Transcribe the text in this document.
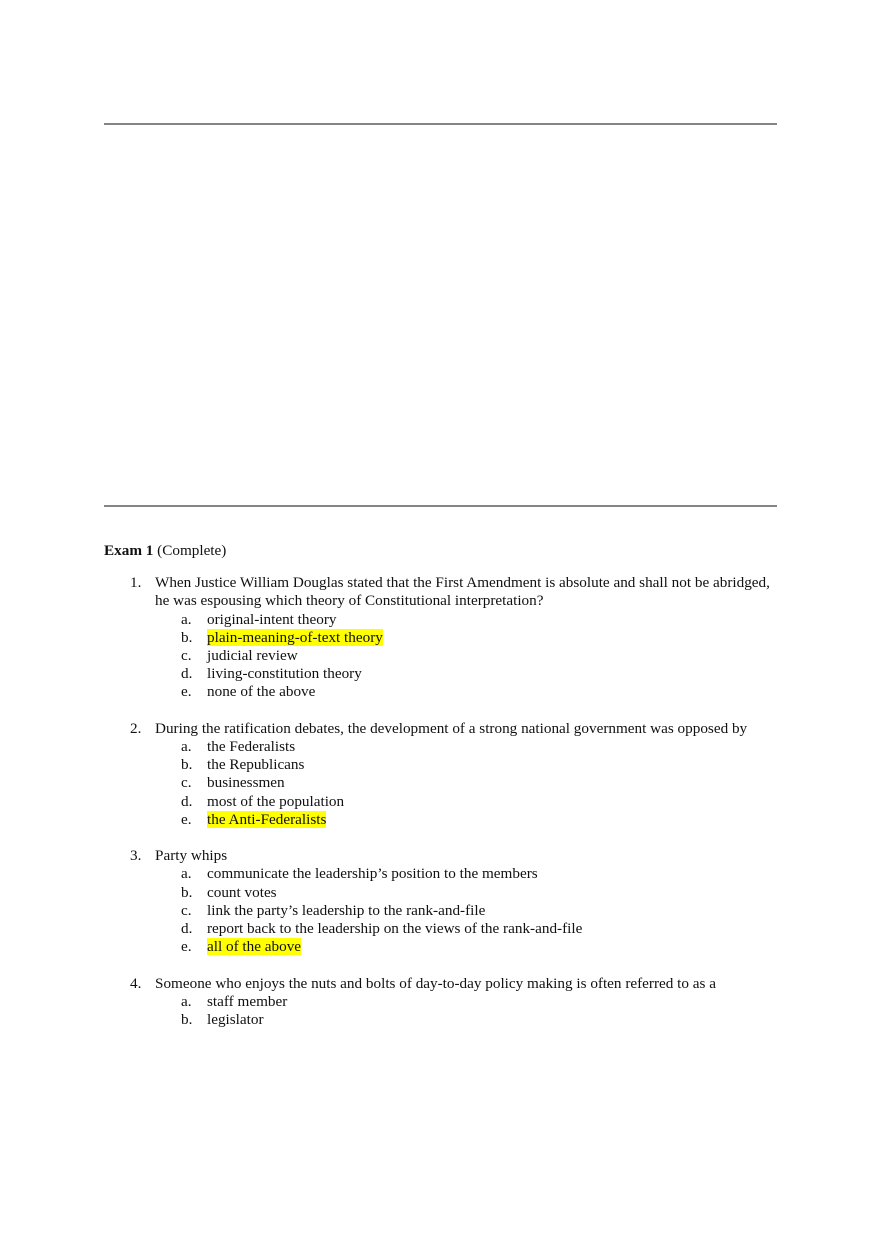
Exam 1 (Complete)
1. When Justice William Douglas stated that the First Amendment is absolute and shall not be abridged, he was espousing which theory of Constitutional interpretation?
a. original-intent theory
b. plain-meaning-of-text theory
c. judicial review
d. living-constitution theory
e. none of the above
2. During the ratification debates, the development of a strong national government was opposed by
a. the Federalists
b. the Republicans
c. businessmen
d. most of the population
e. the Anti-Federalists
3. Party whips
a. communicate the leadership’s position to the members
b. count votes
c. link the party’s leadership to the rank-and-file
d. report back to the leadership on the views of the rank-and-file
e. all of the above
4. Someone who enjoys the nuts and bolts of day-to-day policy making is often referred to as a
a. staff member
b. legislator
